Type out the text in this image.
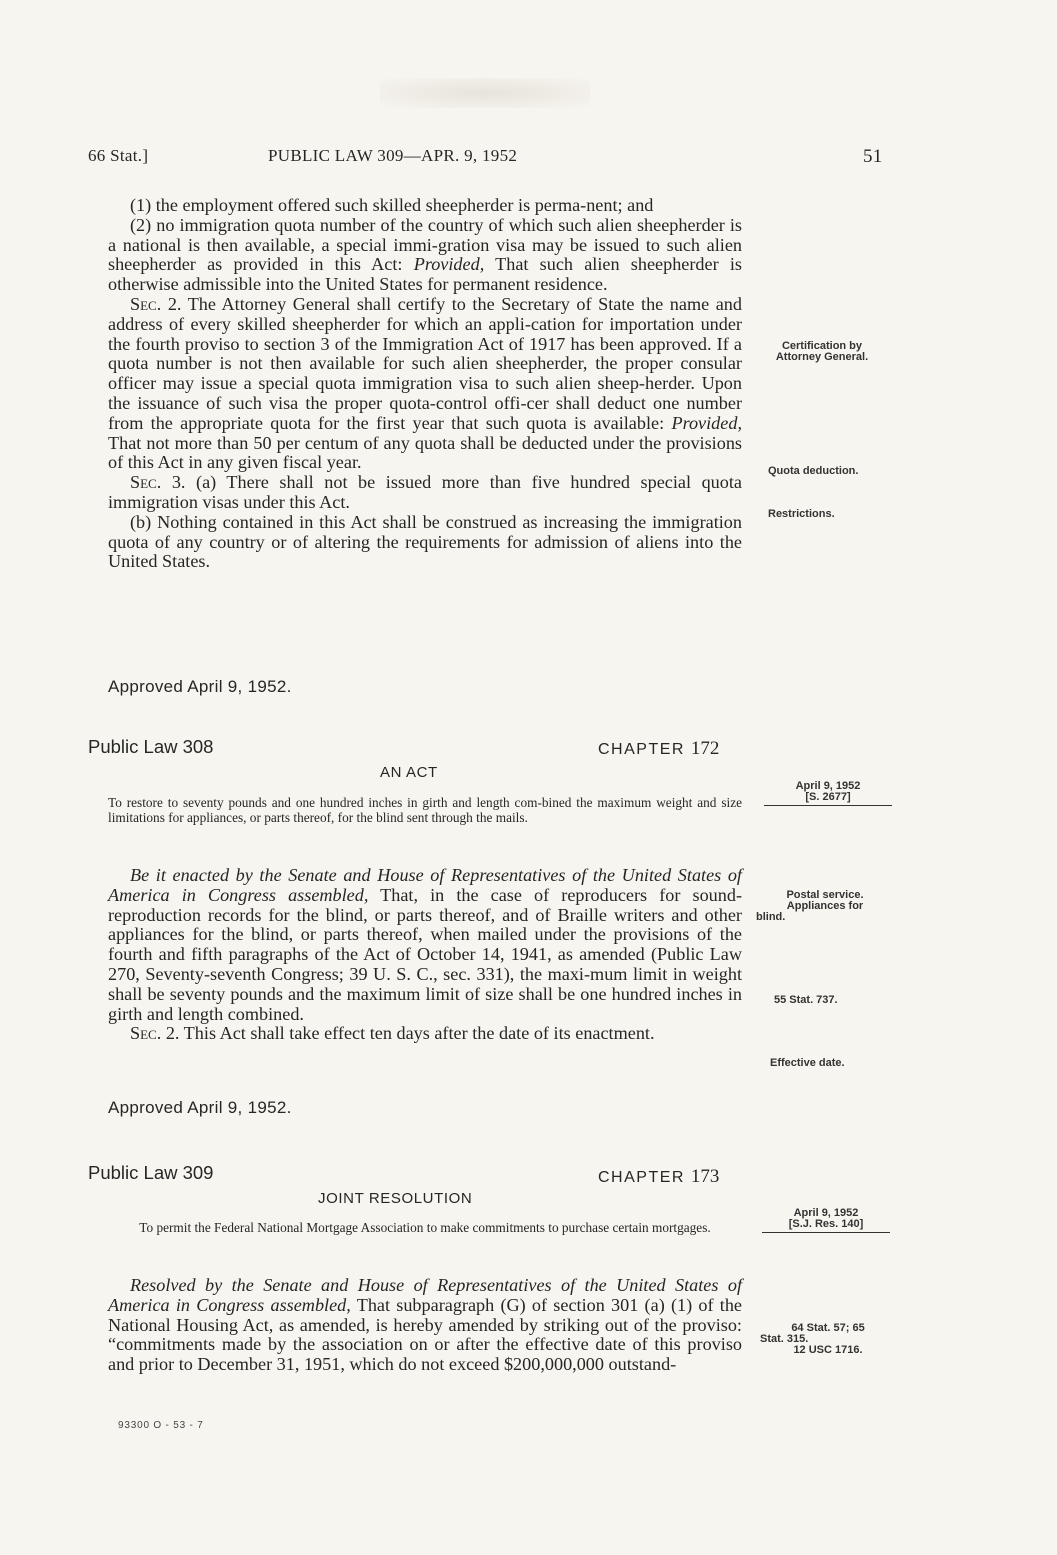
66 Stat.]	PUBLIC LAW 309—APR. 9, 1952	51

(1) the employment offered such skilled sheepherder is perma-nent; and

(2) no immigration quota number of the country of which such alien sheepherder is a national is then available, a special immi-gration visa may be issued to such alien sheepherder as provided in this Act: Provided, That such alien sheepherder is otherwise admissible into the United States for permanent residence.

Sec. 2. The Attorney General shall certify to the Secretary of State the name and address of every skilled sheepherder for which an appli-cation for importation under the fourth proviso to section 3 of the Immigration Act of 1917 has been approved. If a quota number is not then available for such alien sheepherder, the proper consular officer may issue a special quota immigration visa to such alien sheep-herder. Upon the issuance of such visa the proper quota-control offi-cer shall deduct one number from the appropriate quota for the first year that such quota is available: Provided, That not more than 50 per centum of any quota shall be deducted under the provisions of this Act in any given fiscal year.

Sec. 3. (a) There shall not be issued more than five hundred special quota immigration visas under this Act.

(b) Nothing contained in this Act shall be construed as increasing the immigration quota of any country or of altering the requirements for admission of aliens into the United States.

Approved April 9, 1952.
Public Law 308	CHAPTER 172
AN ACT
To restore to seventy pounds and one hundred inches in girth and length com-bined the maximum weight and size limitations for appliances, or parts thereof, for the blind sent through the mails.

Be it enacted by the Senate and House of Representatives of the United States of America in Congress assembled, That, in the case of reproducers for sound-reproduction records for the blind, or parts thereof, and of Braille writers and other appliances for the blind, or parts thereof, when mailed under the provisions of the fourth and fifth paragraphs of the Act of October 14, 1941, as amended (Public Law 270, Seventy-seventh Congress; 39 U. S. C., sec. 331), the maxi-mum limit in weight shall be seventy pounds and the maximum limit of size shall be one hundred inches in girth and length combined.

Sec. 2. This Act shall take effect ten days after the date of its enactment.

Approved April 9, 1952.
Public Law 309	CHAPTER 173
JOINT RESOLUTION
To permit the Federal National Mortgage Association to make commitments to purchase certain mortgages.

Resolved by the Senate and House of Representatives of the United States of America in Congress assembled, That subparagraph (G) of section 301 (a) (1) of the National Housing Act, as amended, is hereby amended by striking out of the proviso: “commitments made by the association on or after the effective date of this proviso and prior to December 31, 1951, which do not exceed $200,000,000 outstand-

Certification by
Attorney General.
Quota deduction.
Restrictions.
April 9, 1952
[S. 2677]
Postal service.
Appliances for
blind.
55 Stat. 737.
Effective date.
April 9, 1952
[S.J. Res. 140]
64 Stat. 57; 65
Stat. 315.
12 USC 1716.
93300 O - 53 - 7
